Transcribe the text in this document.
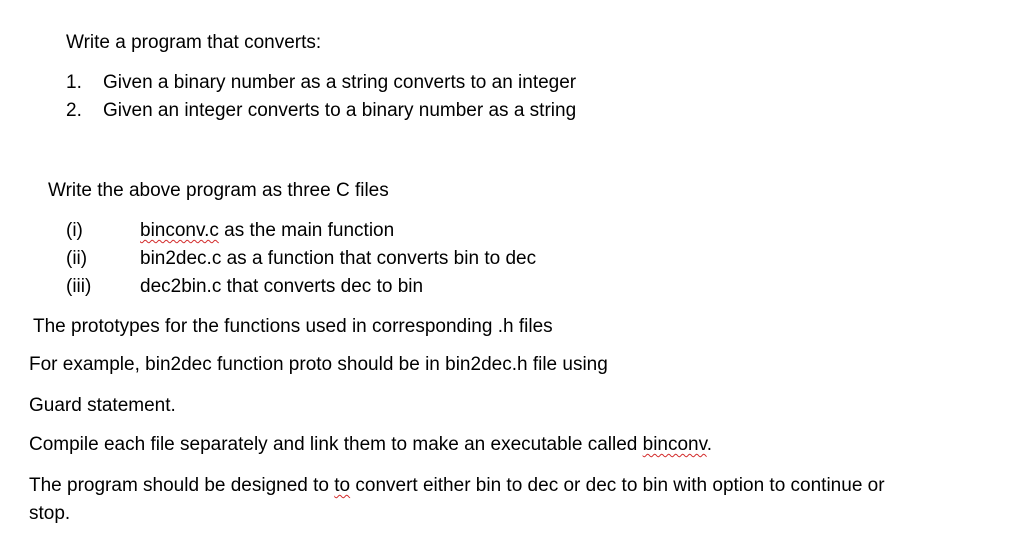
Write a program that converts:
1. Given a binary number as a string converts to an integer
2. Given an integer converts to a binary number as a string
Write the above program as three C files
(i)	binconv.c as the main function
(ii)	bin2dec.c as a function that converts bin to dec
(iii)	dec2bin.c that converts dec to bin
The prototypes for the functions used in corresponding .h files
For example, bin2dec function proto should be in bin2dec.h file using
Guard statement.
Compile each file separately and link them to make an executable called binconv.
The program should be designed to to convert either bin to dec or dec to bin with option to continue or
stop.
